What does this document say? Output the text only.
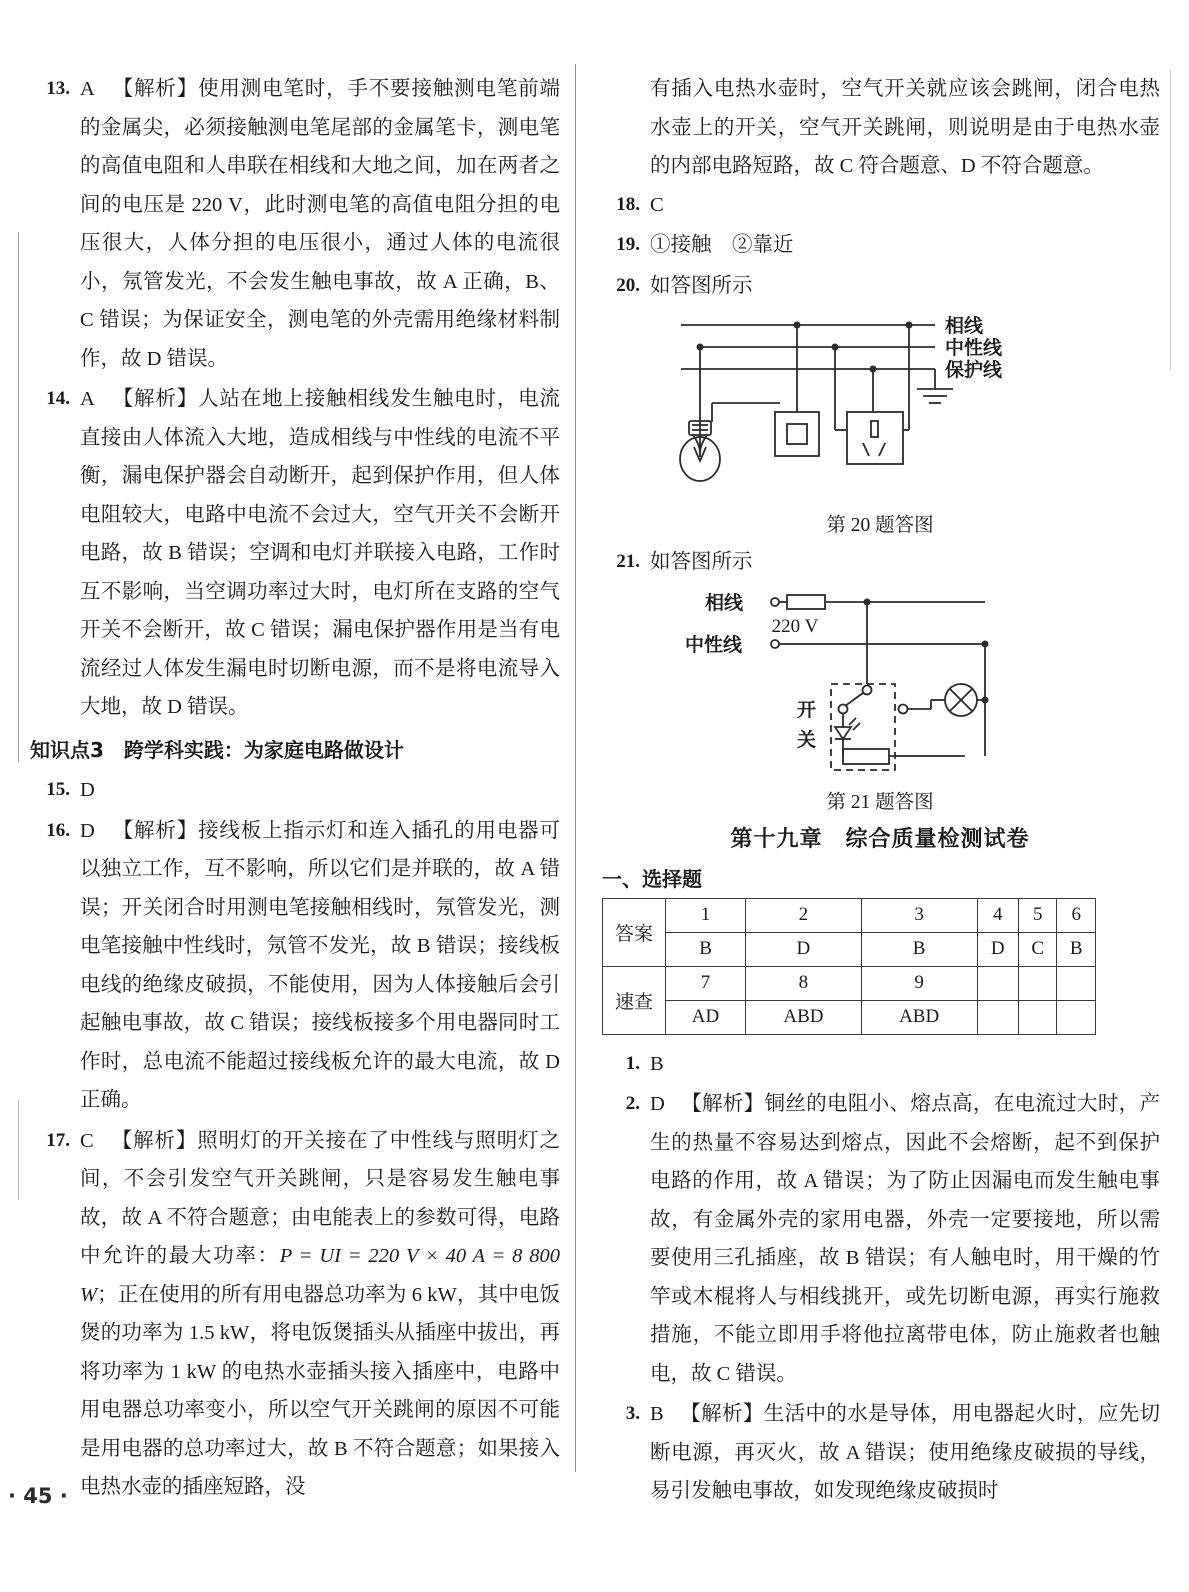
13. A 【解析】使用测电笔时，手不要接触测电笔前端的金属尖，必须接触测电笔尾部的金属笔卡，测电笔的高值电阻和人串联在相线和大地之间，加在两者之间的电压是 220 V，此时测电笔的高值电阻分担的电压很大，人体分担的电压很小，通过人体的电流很小，氖管发光，不会发生触电事故，故 A 正确，B、C 错误；为保证安全，测电笔的外壳需用绝缘材料制作，故 D 错误。
14. A 【解析】人站在地上接触相线发生触电时，电流直接由人体流入大地，造成相线与中性线的电流不平衡，漏电保护器会自动断开，起到保护作用，但人体电阻较大，电路中电流不会过大，空气开关不会断开电路，故 B 错误；空调和电灯并联接入电路，工作时互不影响，当空调功率过大时，电灯所在支路的空气开关不会断开，故 C 错误；漏电保护器作用是当有电流经过人体发生漏电时切断电源，而不是将电流导入大地，故 D 错误。
知识点3　跨学科实践：为家庭电路做设计
15. D
16. D 【解析】接线板上指示灯和连入插孔的用电器可以独立工作，互不影响，所以它们是并联的，故 A 错误；开关闭合时用测电笔接触相线时，氖管发光，测电笔接触中性线时，氖管不发光，故 B 错误；接线板电线的绝缘皮破损，不能使用，因为人体接触后会引起触电事故，故 C 错误；接线板接多个用电器同时工作时，总电流不能超过接线板允许的最大电流，故 D 正确。
17. C 【解析】照明灯的开关接在了中性线与照明灯之间，不会引发空气开关跳闸，只是容易发生触电事故，故 A 不符合题意；由电能表上的参数可得，电路中允许的最大功率：P = UI = 220 V × 40 A = 8 800 W；正在使用的所有用电器总功率为 6 kW，其中电饭煲的功率为 1.5 kW，将电饭煲插头从插座中拔出，再将功率为 1 kW 的电热水壶插头接入插座中，电路中用电器总功率变小，所以空气开关跳闸的原因不可能是用电器的总功率过大，故 B 不符合题意；如果接入电热水壶的插座短路，没
有插入电热水壶时，空气开关就应该会跳闸，闭合电热水壶上的开关，空气开关跳闸，则说明是由于电热水壶的内部电路短路，故 C 符合题意、D 不符合题意。
18. C
19. ①接触　②靠近
20. 如答图所示
相线
中性线
保护线
第 20 题答图
21. 如答图所示
相线
220 V
中性线
开
关
第 21 题答图
第十九章　综合质量检测试卷
一、选择题
答案	1	2	3	4	5	6
	B	D	B	D	C	B
速查	7	8	9			
	AD	ABD	ABD			
1. B
2. D 【解析】铜丝的电阻小、熔点高，在电流过大时，产生的热量不容易达到熔点，因此不会熔断，起不到保护电路的作用，故 A 错误；为了防止因漏电而发生触电事故，有金属外壳的家用电器，外壳一定要接地，所以需要使用三孔插座，故 B 错误；有人触电时，用干燥的竹竿或木棍将人与相线挑开，或先切断电源，再实行施救措施，不能立即用手将他拉离带电体，防止施救者也触电，故 C 错误。
3. B 【解析】生活中的水是导体，用电器起火时，应先切断电源，再灭火，故 A 错误；使用绝缘皮破损的导线，易引发触电事故，如发现绝缘皮破损时
· 45 ·
